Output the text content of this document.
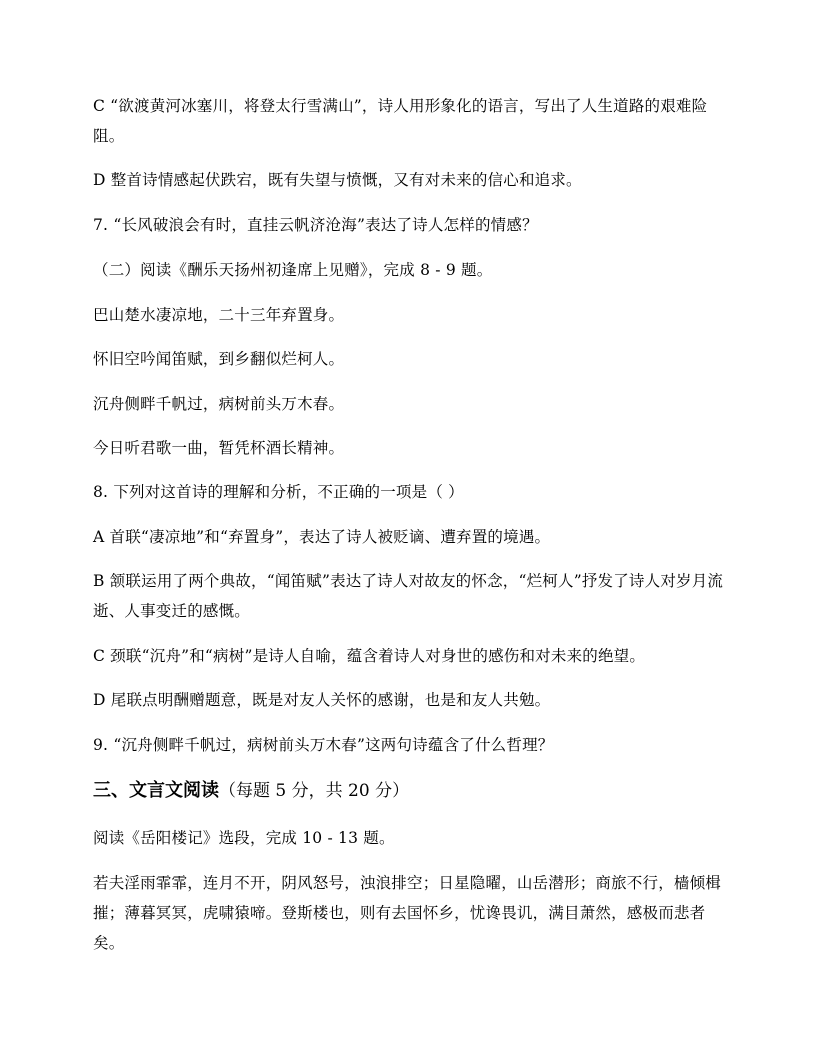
C “欲渡黄河冰塞川，将登太行雪满山”，诗人用形象化的语言，写出了人生道路的艰难险阻。
D 整首诗情感起伏跌宕，既有失望与愤慨，又有对未来的信心和追求。
7. “长风破浪会有时，直挂云帆济沧海”表达了诗人怎样的情感？
（二）阅读《酬乐天扬州初逢席上见赠》，完成 8 - 9 题。
巴山楚水凄凉地，二十三年弃置身。
怀旧空吟闻笛赋，到乡翻似烂柯人。
沉舟侧畔千帆过，病树前头万木春。
今日听君歌一曲，暂凭杯酒长精神。
8. 下列对这首诗的理解和分析，不正确的一项是（ ）
A 首联“凄凉地”和“弃置身”，表达了诗人被贬谪、遭弃置的境遇。
B 颔联运用了两个典故，“闻笛赋”表达了诗人对故友的怀念，“烂柯人”抒发了诗人对岁月流逝、人事变迁的感慨。
C 颈联“沉舟”和“病树”是诗人自喻，蕴含着诗人对身世的感伤和对未来的绝望。
D 尾联点明酬赠题意，既是对友人关怀的感谢，也是和友人共勉。
9. “沉舟侧畔千帆过，病树前头万木春”这两句诗蕴含了什么哲理？
三、文言文阅读（每题 5 分，共 20 分）
阅读《岳阳楼记》选段，完成 10 - 13 题。
若夫淫雨霏霏，连月不开，阴风怒号，浊浪排空；日星隐曜，山岳潜形；商旅不行，樯倾楫摧；薄暮冥冥，虎啸猿啼。登斯楼也，则有去国怀乡，忧谗畏讥，满目萧然，感极而悲者矣。
